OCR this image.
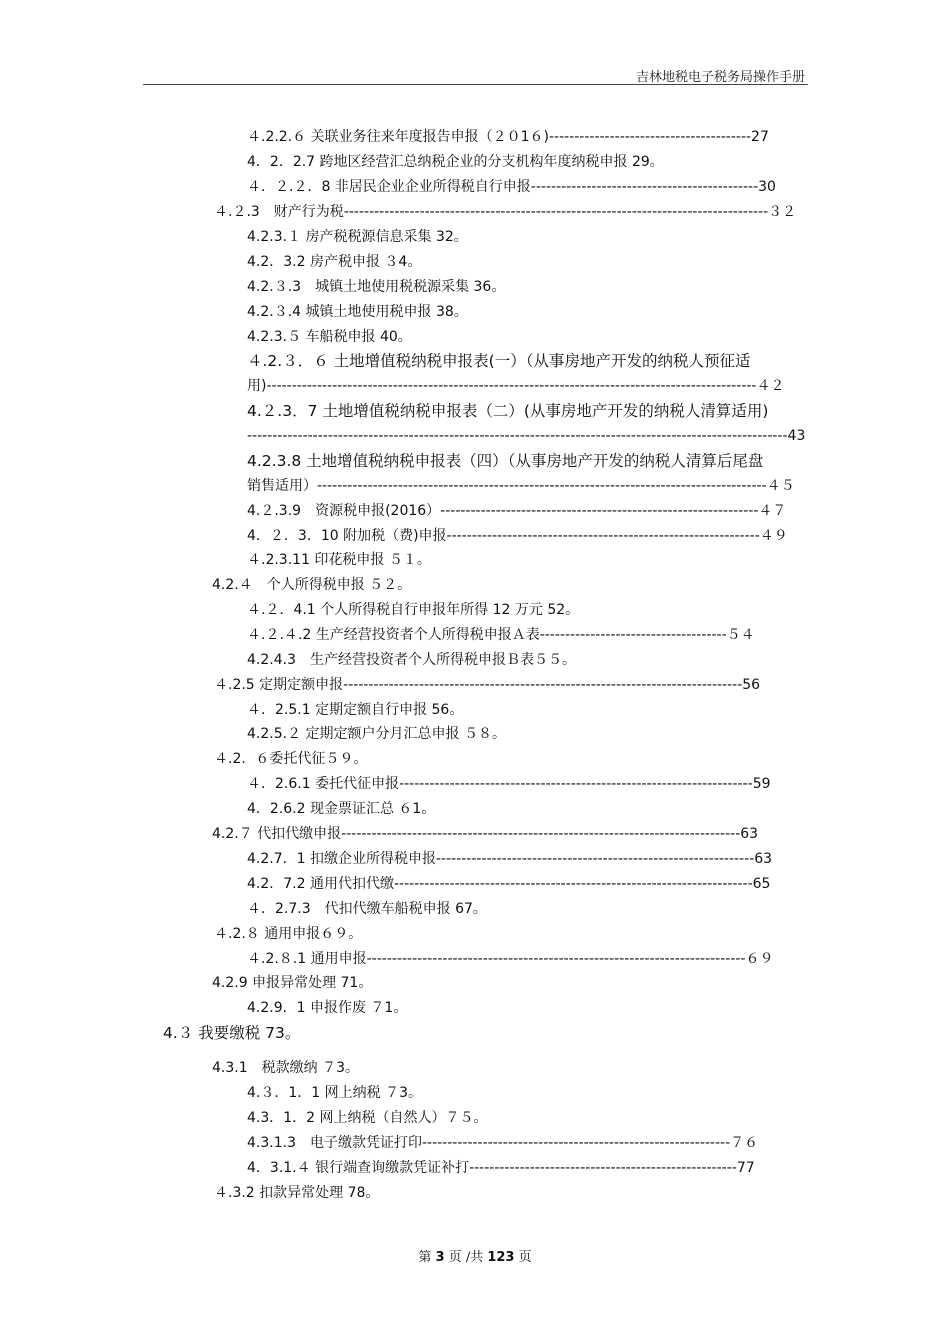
吉林地税电子税务局操作手册
４.2.2.６ 关联业务往来年度报告申报（２０1６)----------------------------------------27
4．2．2.7 跨地区经营汇总纳税企业的分支机构年度纳税申报 29。
４．２.２．8 非居民企业企业所得税自行申报---------------------------------------------30
４.２.3　财产行为税------------------------------------------------------------------------------------３２
4.2.3.１ 房产税税源信息采集 32。
4.2．3.2 房产税申报 ３4。
4.2.３.3　城镇土地使用税税源采集 36。
4.2.３.4 城镇土地使用税申报 38。
4.2.3.５ 车船税申报 40。
４.2.３．６ 土地增值税纳税申报表(一）（从事房地产开发的纳税人预征适
用)-------------------------------------------------------------------------------------------------４２
4.２.3．7 土地增值税纳税申报表（二）(从事房地产开发的纳税人清算适用)
-----------------------------------------------------------------------------------------------------------43
4.2.3.8 土地增值税纳税申报表（四）（从事房地产开发的纳税人清算后尾盘
销售适用）-----------------------------------------------------------------------------------------４５
4.２.3.9　资源税申报(2016）---------------------------------------------------------------４７
4．２．3．10 附加税（费)申报--------------------------------------------------------------４９
４.2.3.11 印花税申报 ５１。
4.2.４　个人所得税申报 ５２。
４.２．4.1 个人所得税自行申报年所得 12 万元 52。
４.２.４.2 生产经营投资者个人所得税申报Ａ表-------------------------------------５４
4.2.4.3　生产经营投资者个人所得税申报Ｂ表５５。
４.2.5 定期定额申报-------------------------------------------------------------------------------56
４．2.5.1 定期定额自行申报 56。
4.2.5.２ 定期定额户分月汇总申报 ５８。
４.2．６委托代征５９。
４．2.6.1 委托代征申报----------------------------------------------------------------------59
4．2.6.2 现金票证汇总 ６1。
4.2.７ 代扣代缴申报-------------------------------------------------------------------------------63
4.2.7．1 扣缴企业所得税申报---------------------------------------------------------------63
4.2．7.2 通用代扣代缴-----------------------------------------------------------------------65
４．2.7.3　代扣代缴车船税申报 67。
４.2.８ 通用申报６９。
４.2.８.1 通用申报---------------------------------------------------------------------------６９
4.2.9 申报异常处理 71。
4.2.9．1 申报作废 ７1。
4.３ 我要缴税 73。
4.3.1　税款缴纳 ７3。
4.３．1．1 网上纳税 ７3。
4.3．1．2 网上纳税（自然人）７５。
4.3.1.3　电子缴款凭证打印-------------------------------------------------------------７６
4．3.1.４ 银行端查询缴款凭证补打-----------------------------------------------------77
４.3.2 扣款异常处理 78。
第 3 页 /共 123 页
